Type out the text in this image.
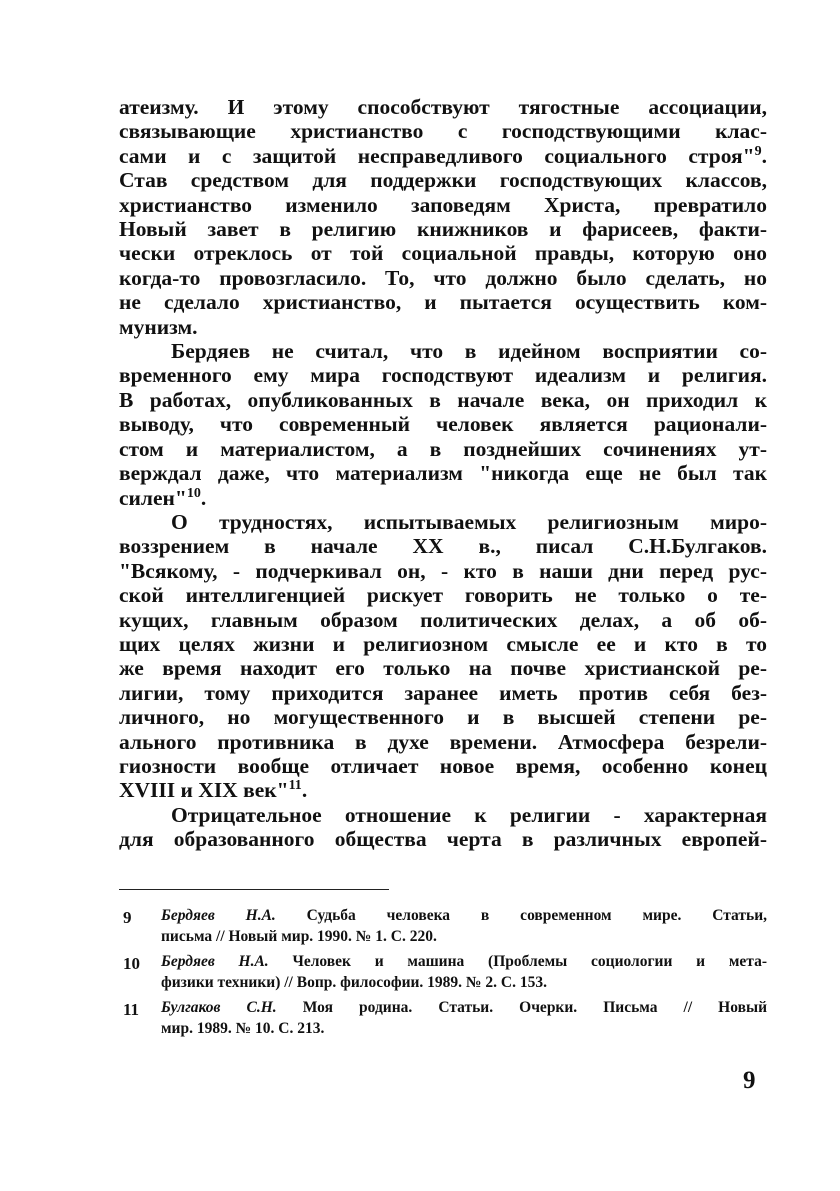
атеизму. И этому способствуют тягостные ассоциации,
связывающие христианство с господствующими клас-
сами и с защитой несправедливого социального строя"$^9$.
Став средством для поддержки господствующих классов,
христианство изменило заповедям Христа, превратило
Новый завет в религию книжников и фарисеев, факти-
чески отреклось от той социальной правды, которую оно
когда-то провозгласило. То, что должно было сделать, но
не сделало христианство, и пытается осуществить ком-
мунизм.
Бердяев не считал, что в идейном восприятии со-
временного ему мира господствуют идеализм и религия.
В работах, опубликованных в начале века, он приходил к
выводу, что современный человек является рационали-
стом и материалистом, а в позднейших сочинениях ут-
верждал даже, что материализм "никогда еще не был так
силен"$^{10}$.
О трудностях, испытываемых религиозным миро-
воззрением в начале XX в., писал С.Н.Булгаков.
"Всякому, - подчеркивал он, - кто в наши дни перед рус-
ской интеллигенцией рискует говорить не только о те-
кущих, главным образом политических делах, а об об-
щих целях жизни и религиозном смысле ее и кто в то
же время находит его только на почве христианской ре-
лигии, тому приходится заранее иметь против себя без-
личного, но могущественного и в высшей степени ре-
ального противника в духе времени. Атмосфера безрели-
гиозности вообще отличает новое время, особенно конец
XVIII и XIX век"$^{11}$.
Отрицательное отношение к религии - характерная
для образованного общества черта в различных европей-
9 Бердяев Н.А. Судьба человека в современном мире. Статьи,
письма // Новый мир. 1990. № 1. С. 220.
10 Бердяев Н.А. Человек и машина (Проблемы социологии и мета-
физики техники) // Вопр. философии. 1989. № 2. С. 153.
11 Булгаков С.Н. Моя родина. Статьи. Очерки. Письма // Новый
мир. 1989. № 10. С. 213.
9
